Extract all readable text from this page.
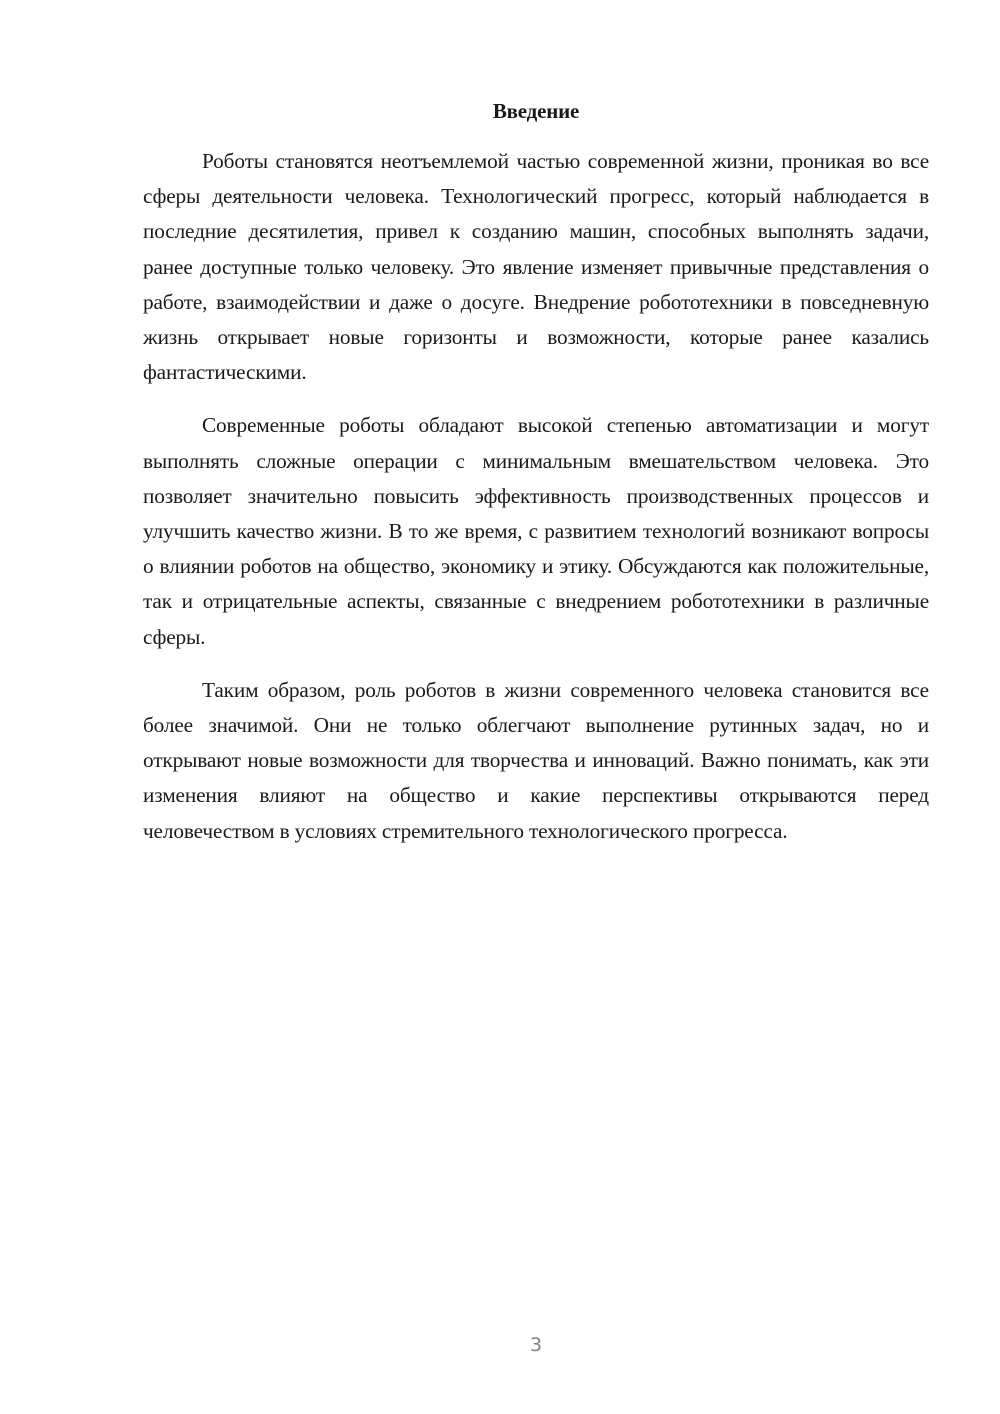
Введение

Роботы становятся неотъемлемой частью современной жизни, проникая во все сферы деятельности человека. Технологический прогресс, который наблюдается в последние десятилетия, привел к созданию машин, способных выполнять задачи, ранее доступные только человеку. Это явление изменяет привычные представления о работе, взаимодействии и даже о досуге. Внедрение робототехники в повседневную жизнь открывает новые горизонты и возможности, которые ранее казались фантастическими.

Современные роботы обладают высокой степенью автоматизации и могут выполнять сложные операции с минимальным вмешательством человека. Это позволяет значительно повысить эффективность производственных процессов и улучшить качество жизни. В то же время, с развитием технологий возникают вопросы о влиянии роботов на общество, экономику и этику. Обсуждаются как положительные, так и отрицательные аспекты, связанные с внедрением робототехники в различные сферы.

Таким образом, роль роботов в жизни современного человека становится все более значимой. Они не только облегчают выполнение рутинных задач, но и открывают новые возможности для творчества и инноваций. Важно понимать, как эти изменения влияют на общество и какие перспективы открываются перед человечеством в условиях стремительного технологического прогресса.

3
